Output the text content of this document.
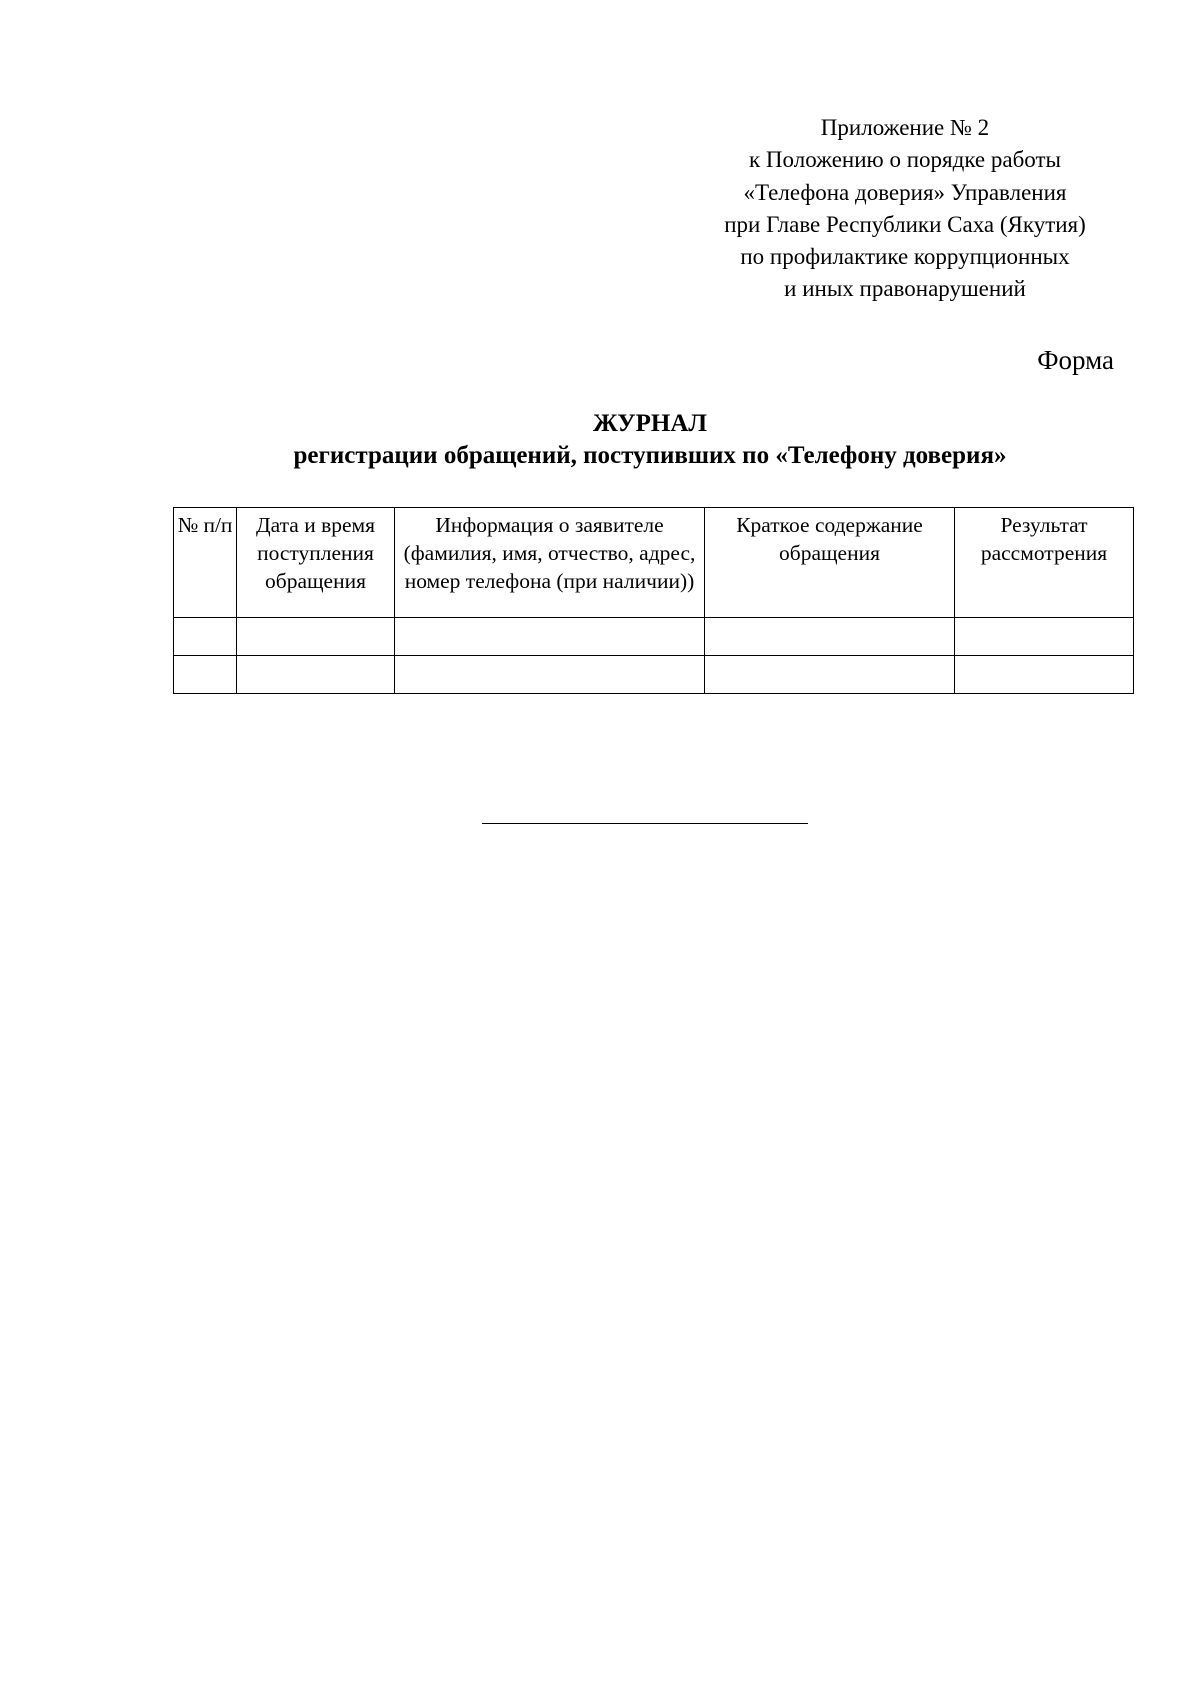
Приложение № 2
к Положению о порядке работы
«Телефона доверия» Управления
при Главе Республики Саха (Якутия)
по профилактике коррупционных
и иных правонарушений
Форма
ЖУРНАЛ
регистрации обращений, поступивших по «Телефону доверия»
№ п/п	Дата и время поступления обращения	Информация о заявителе (фамилия, имя, отчество, адрес, номер телефона (при наличии))	Краткое содержание обращения	Результат рассмотрения
